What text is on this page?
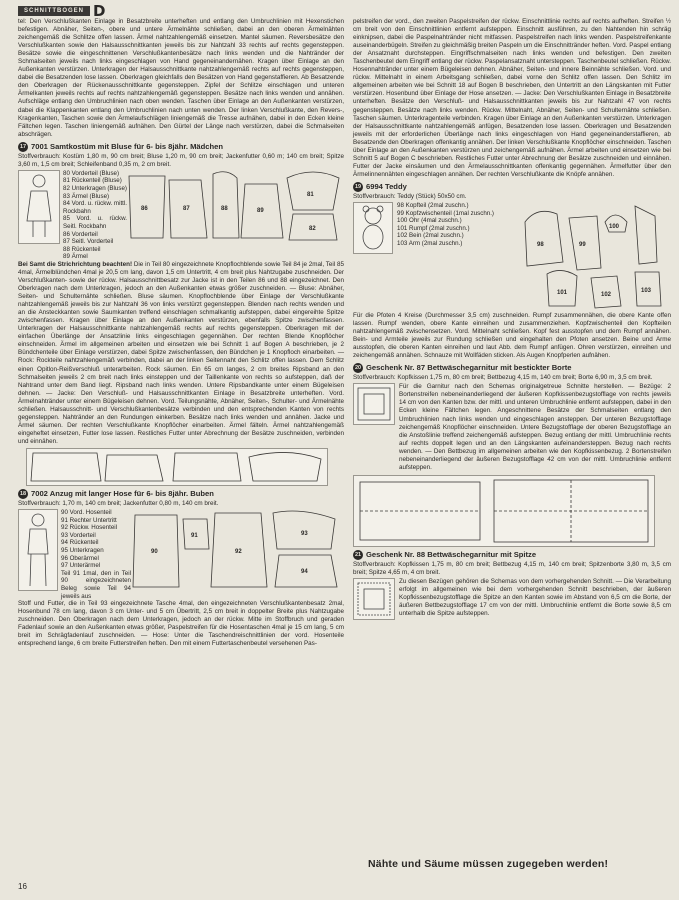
SCHNITTBOGEN D

tel: Den Verschlußkanten Einlage in Besatzbreite unterheften und entlang den Umbruchlinien mit Hexenstichen befestigen. Abnäher, Seiten-, obere und untere Ärmelnähte schließen, dabei an den oberen Ärmelnähten zeichengemäß die Schlitze offen lassen. Ärmel nahtzahlengemäß einsetzen. Mantel säumen. Reversbesätze den Verschlußkanten sowie den Halsausschnittkanten jeweils bis zur Nahtzahl 33 rechts auf rechts gegensteppen. Besätze sowie die eingeschnittenen Verschlußkantenbesätze nach links wenden und die Nahtränder der Schmalseiten jeweils nach links eingeschlagen von Hand gegeneinandernähen. Kragen über Einlage an den Außenkanten verstürzen. Unterkragen der Halsausschnittkante nahtzahlengemäß rechts auf rechts gegensteppen, dabei die Besatzenden lose lassen. Oberkragen gleichfalls den Besätzen von Hand gegenstaffieren. Ab Besatzende den Oberkragen der Rückenausschnittkante gegensteppen. Zipfel der Schlitze einschlagen und unteren Ärmelkanten jeweils rechts auf rechts nahtzahlengemäß gegensteppen. Besätze nach links wenden und annähen. Aufschläge entlang den Umbruchlinien nach oben wenden. Taschen über Einlage an den Außenkanten verstürzen, dabei die Klappenkanten entlang den Umbruchlinien nach unten wenden. Der linken Verschlußkante, den Revers-, Kragenkanten, Taschen sowie den Ärmelaufschlägen liniengemäß die Tresse aufnähen, dabei in den Ecken kleine Fältchen legen. Taschen liniengemäß aufnähen. Den Gürtel der Länge nach verstürzen, dabei die Schmalseiten abschrägen.

17 7001 Samtkostüm mit Bluse für 6- bis 8jähr. Mädchen

Stoffverbrauch: Kostüm 1,80 m, 90 cm breit; Bluse 1,20 m, 90 cm breit; Jackenfutter 0,60 m; 140 cm breit; Spitze 3,60 m, 1,5 cm breit; Schleifenband 0,35 m, 2 cm breit.

80 Vorderteil (Bluse)
81 Rückenteil (Bluse)
82 Unterkragen (Bluse)
83 Ärmel (Bluse)
84 Vord. u. rückw. mittl. Rockbahn
85 Vord. u. rückw. Seitl. Rockbahn
86 Vorderteil
87 Seitl. Vorderteil
88 Rückenteil
89 Ärmel
86	87	88	89
81
82

Bei Samt die Strichrichtung beachten! Die in Teil 80 eingezeichnete Knopflochblende sowie Teil 84 je 2mal, Teil 85 4mal, Ärmelblündchen 4mal je 20,5 cm lang, davon 1,5 cm Untertritt, 4 cm breit plus Nahtzugabe zuschneiden. Der Verschlußkanten- sowie der rückw. Halsausschnittbesatz zur Jacke ist in den Teilen 86 und 88 eingezeichnet. Den Oberkragen nach dem Unterkragen, jedoch an den Außenkanten etwas größer zuschneiden. — Bluse: Abnäher, Seiten- und Schulternähte schließen. Bluse säumen. Knopflochblende über Einlage der Verschlußkante nahtzahlengemäß jeweils bis zur Nahtzahl 36 von links verstürzt gegensteppen. Blenden nach rechts wenden und an die Ansteckkanten sowie Saumkanten treffend einschlagen schmalkantig aufsteppen, dabei eingereihte Spitze zwischenfassen. Kragen über Einlage an den Außenkanten verstürzen, ebenfalls Spitze zwischenfassen. Unterkragen der Halsausschnittkante nahtzahlengemäß rechts auf rechts gegensteppen. Oberkragen mit der einfachen Überlänge der Ansatzlinie links eingeschlagen gegennähen. Der rechten Blende Knopflöcher einschneiden. Ärmel im allgemeinen arbeiten und einsetzen wie bei Schnitt 1 auf Bogen A beschrieben, je 2 Bündchenteile über Einlage verstürzen, dabei Spitze zwischenfassen, den Bündchen je 1 Knopfloch einarbeiten. — Rock: Rockteile nahtzahlengemäß verbinden, dabei an der linken Seitennaht den Schlitz offen lassen. Dem Schlitz einen Opitlon-Reißverschluß unterarbeiten. Rock säumen. Ein 65 cm langes, 2 cm breites Ripsband an den Schmalseiten jeweils 2 cm breit nach links einsteppen und der Taillenkante von rechts so aufsteppen, daß der Nahtrand unter dem Band liegt. Ripsband nach links wenden. Untere Ripsbandkante unter einem Bügeleisen dehnen. — Jacke: Den Verschluß- und Halsausschnittkanten Einlage in Besatzbreite unterheften. Vord. Ärmelnahtränder unter einem Bügeleisen dehnen. Vord. Teilungsnähte, Abnäher, Seiten-, Schulter- und Ärmelnähte schließen. Halsausschnitt- und Verschlußkantenbesätze verbinden und den entsprechenden Kanten von rechts gegensteppen. Nahtränder an den Rundungen einkerben. Besätze nach links wenden und annähen. Jacke und Ärmel säumen. Der rechten Verschlußkante Knopflöcher einarbeiten. Ärmel fälteln. Ärmel nahtzahlengemäß eingeheftet einsetzen, Futter lose lassen. Restliches Futter unter Abrechnung der Besätze zuschneiden, verbinden und einnähen.

18 7002 Anzug mit langer Hose für 6- bis 8jähr. Buben

Stoffverbrauch: 1,70 m, 140 cm breit; Jackenfutter 0,80 m, 140 cm breit.

90 Vord. Hosenteil
91 Rechter Untertritt
92 Rückw. Hosenteil
93 Vorderteil
94 Rückenteil
95 Unterkragen
96 Oberärmel
97 Unterärmel
Teil 91 1mal, den in Teil 90 eingezeichneten Beleg sowie Teil 94 jeweils aus
90
91
92
93
94

Stoff und Futter, die in Teil 93 eingezeichnete Tasche 4mal, den eingezeichneten Verschlußkantenbesatz 2mal, Hosenbund 78 cm lang, davon 3 cm Unter- und 5 cm Übertritt, 2,5 cm breit in doppelter Breite plus Nahtzugabe zuschneiden. Den Oberkragen nach dem Unterkragen, jedoch an der rückw. Mitte im Stoffbruch und geraden Fadenlauf sowie an den Außenkanten etwas größer, Paspelstreifen für die Hosentaschen 4mal je 15 cm lang, 5 cm breit im Schrägfadenlauf zuschneiden. — Hose: Unter die Taschendreischnittlinien der vord. Hosenteile entsprechend lange, 6 cm breite Futterstreifen heften. Den mit einem Futtertaschenbeutel versehenen Pas-

pelstreifen der vord., den zweiten Paspelstreifen der rückw. Einschnittlinie rechts auf rechts aufheften. Streifen ½ cm breit von den Einschnittlinien entfernt aufsteppen. Einschnitt ausführen, zu den Nahtenden hin schräg einknipsen, dabei die Paspelnahtränder nicht mitfassen. Paspelstreifen nach links wenden. Paspelstreifenkante auseinanderbügeln. Streifen zu gleichmäßig breiten Paspeln um die Einschnittränder heften. Vord. Paspel entlang der Ansatznaht durchsteppen. Eingriffschmalseiten nach links wenden und befestigen. Den zweiten Taschenbeutel dem Eingriff entlang der rückw. Paspelansatznaht untersteppen. Taschenbeutel schließen. Rückw. Hosennahtränder unter einem Bügeleisen dehnen. Abnäher, Seiten- und innere Beinnähte schließen. Vord. und rückw. Mittelnaht in einem Arbeitsgang schließen, dabei vorne den Schlitz offen lassen. Den Schlitz im allgemeinen arbeiten wie bei Schnitt 18 auf Bogen B beschrieben, den Untertritt an den Längskanten mit Futter verstürzen. Hosenbund über Einlage der Hose ansetzen. — Jacke: Den Verschlußkanten Einlage in Besatzbreite unterheften. Besätze den Verschluß- und Halsausschnittkanten jeweils bis zur Nahtzahl 47 von rechts gegensteppen. Besätze nach links wenden. Rückw. Mittelnaht, Abnäher, Seiten- und Schulternähte schließen. Taschen säumen. Unterkragenteile verbinden. Kragen über Einlage an den Außenkanten verstürzen. Unterkragen der Halsausschnittkante nahtzahlengemäß anfügen, Besatzenden lose lassen. Oberkragen und Besatzenden jeweils mit der erforderlichen Überlänge nach links eingeschlagen von Hand gegeneinanderstaffieren, ab Besatzende den Oberkragen offenkantig annähen. Der linken Verschlußkante Knopflöcher einschneiden. Taschen über Einlage an den Außenkanten verstürzen und zeichengemäß aufnähen. Ärmel arbeiten und einsetzen wie bei Schnitt 5 auf Bogen C beschrieben. Restliches Futter unter Abrechnung der Besätze zuschneiden und einnähen. Futter der Jacke einsäumen und den Ärmelausschnittkanten offenkantig gegennähen. Ärmelfutter über den Ärmelinnennähten eingeschlagen annähen. Der rechten Verschlußkante die Knöpfe annähen.

19 6994 Teddy

Stoffverbrauch: Teddy (Stück) 50x50 cm.

98 Kopfteil (2mal zuschn.)
99 Kopfzwischenteil (1mal zuschn.)
100 Ohr (4mal zuschn.)
101 Rumpf (2mal zuschn.)
102 Bein (2mal zuschn.)
103 Arm (2mal zuschn.)	98	99
100
101	102
103

Für die Pfoten 4 Kreise (Durchmesser 3,5 cm) zuschneiden. Rumpf zusammennähen, die obere Kante offen lassen. Rumpf wenden, obere Kante einreihen und zusammenziehen. Kopfzwischenteil den Kopfteilen nahtzahlengemäß zwischensetzen. Vord. Mittelnaht schließen. Kopf fest ausstopfen und dem Rumpf annähen. Bein- und Armteile jeweils zur Rundung schließen und eingehalten den Pfoten ansetzen. Beine und Arme ausstopfen, die oberen Kanten einreihen und laut Abb. dem Rumpf anfügen. Ohren verstürzen, einreihen und zeichengemäß annähen. Schnauze mit Wollfäden sticken. Als Augen Knopfperlen aufnähen.

20 Geschenk Nr. 87 Bettwäschegarnitur mit bestickter Borte

Stoffverbrauch: Kopfkissen 1,75 m, 80 cm breit; Bettbezug 4,15 m, 140 cm breit; Borte 6,90 m, 3,5 cm breit.

Für die Garnitur nach den Schemas originalgetreue Schnitte herstellen. — Bezüge: 2 Bortenstreifen nebeneinanderliegend der äußeren Kopfkissenbezugstofflage von rechts jeweils 14 cm von den Kanten bzw. der mittl. und unteren Umbruchlinie entfernt aufsteppen, dabei in den Ecken kleine Fältchen legen. Angeschnittene Besätze der Schmalseiten entlang den Umbruchlinien nach links wenden und eingeschlagen ansteppen. Der unteren Bezugstofflage zeichengemäß Knopflöcher einschneiden. Untere Bezugstofflage der oberen Bezugstofflage an die Anstoßlinie treffend zeichengemäß aufsteppen. Bezug entlang der mittl. Umbruchlinie rechts auf rechts doppelt legen und an den Längskanten aufeinandersteppen. Bezug nach rechts wenden. — Den Bettbezug im allgemeinen arbeiten wie den Kopfkissenbezug. 2 Bortenstreifen nebeneinanderliegend der äußeren Bezugstofflage 42 cm von der mittl. Umbruchlinie entfernt aufsteppen.

21 Geschenk Nr. 88 Bettwäschegarnitur mit Spitze

Stoffverbrauch: Kopfkissen 1,75 m, 80 cm breit; Bettbezug 4,15 m, 140 cm breit; Spitzenborte 3,80 m, 3,5 cm breit; Spitze 4,65 m, 4 cm breit.

Zu diesen Bezügen gehören die Schemas von dem vorhergehenden Schnitt. — Die Verarbeitung erfolgt im allgemeinen wie bei dem vorhergehenden Schnitt beschrieben, der äußeren Kopfkissenbezugstofflage die Spitze an den Kanten sowie im Abstand von 6,5 cm die Borte, der äußeren Bettbezugstofflage 17 cm von der mittl. Umbruchlinie entfernt die Borte sowie 8,5 cm unterhalb die Spitze aufsteppen.

Nähte und Säume müssen zugegeben werden!
16
